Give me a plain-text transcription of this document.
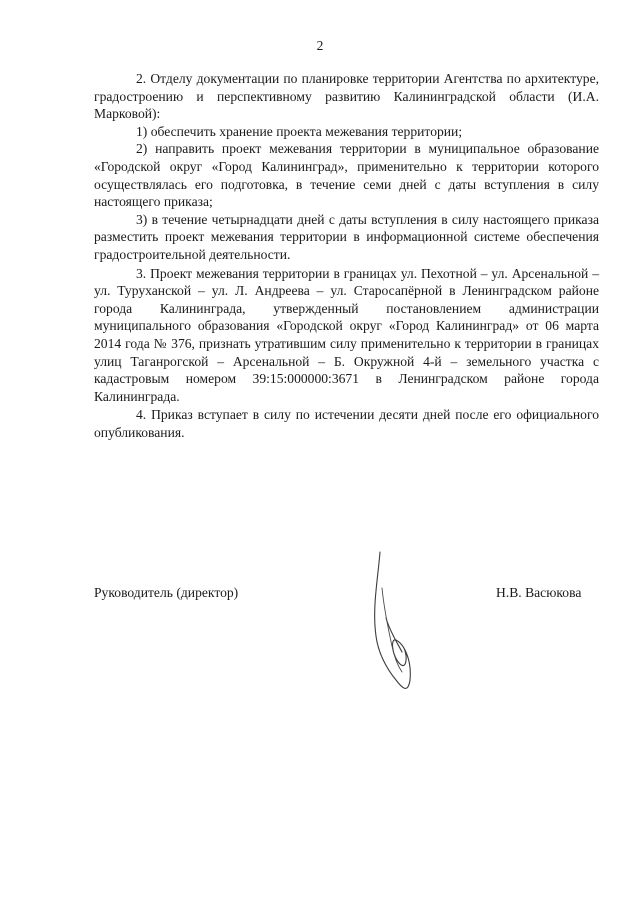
2

2. Отделу документации по планировке территории Агентства по архитектуре, градостроению и перспективному развитию Калининградской области (И.А. Марковой):

1) обеспечить хранение проекта межевания территории;

2) направить проект межевания территории в муниципальное образование «Городской округ «Город Калининград», применительно к территории которого осуществлялась его подготовка, в течение семи дней с даты вступления в силу настоящего приказа;

3) в течение четырнадцати дней с даты вступления в силу настоящего приказа разместить проект межевания территории в информационной системе обеспечения градостроительной деятельности.

3. Проект межевания территории в границах ул. Пехотной – ул. Арсенальной – ул. Туруханской – ул. Л. Андреева – ул. Старосапёрной в Ленинградском районе города Калининграда, утвержденный постановлением администрации муниципального образования «Городской округ «Город Калининград» от 06 марта 2014 года № 376, признать утратившим силу применительно к территории в границах улиц Таганрогской – Арсенальной – Б. Окружной 4-й – земельного участка с кадастровым номером 39:15:000000:3671 в Ленинградском районе города Калининграда.

4. Приказ вступает в силу по истечении десяти дней после его официального опубликования.

Руководитель (директор)	Н.В. Васюкова
